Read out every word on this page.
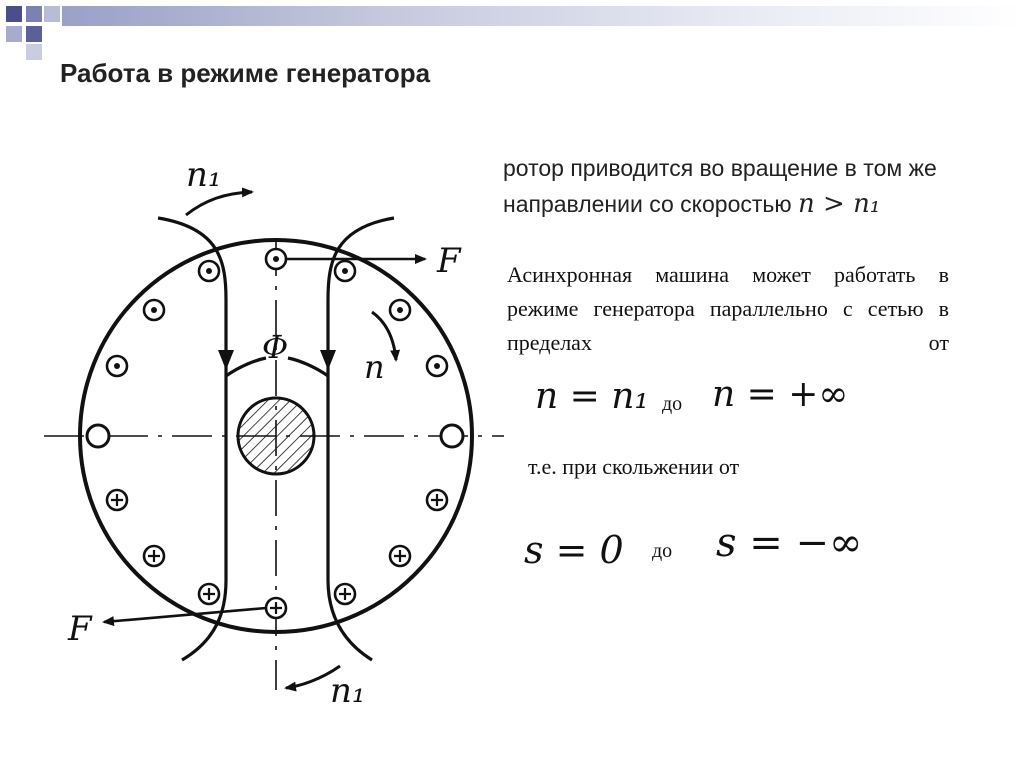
Работа в режиме генератора
n₁
F
Φ
n
F
n₁
ротор приводится во вращение в том же направлении со скоростью n > n₁
Асинхронная машина может работать в режиме генератора параллельно с сетью в пределах от
n = n₁ до n = +∞
т.е. при скольжении от
s = 0 до s = −∞
